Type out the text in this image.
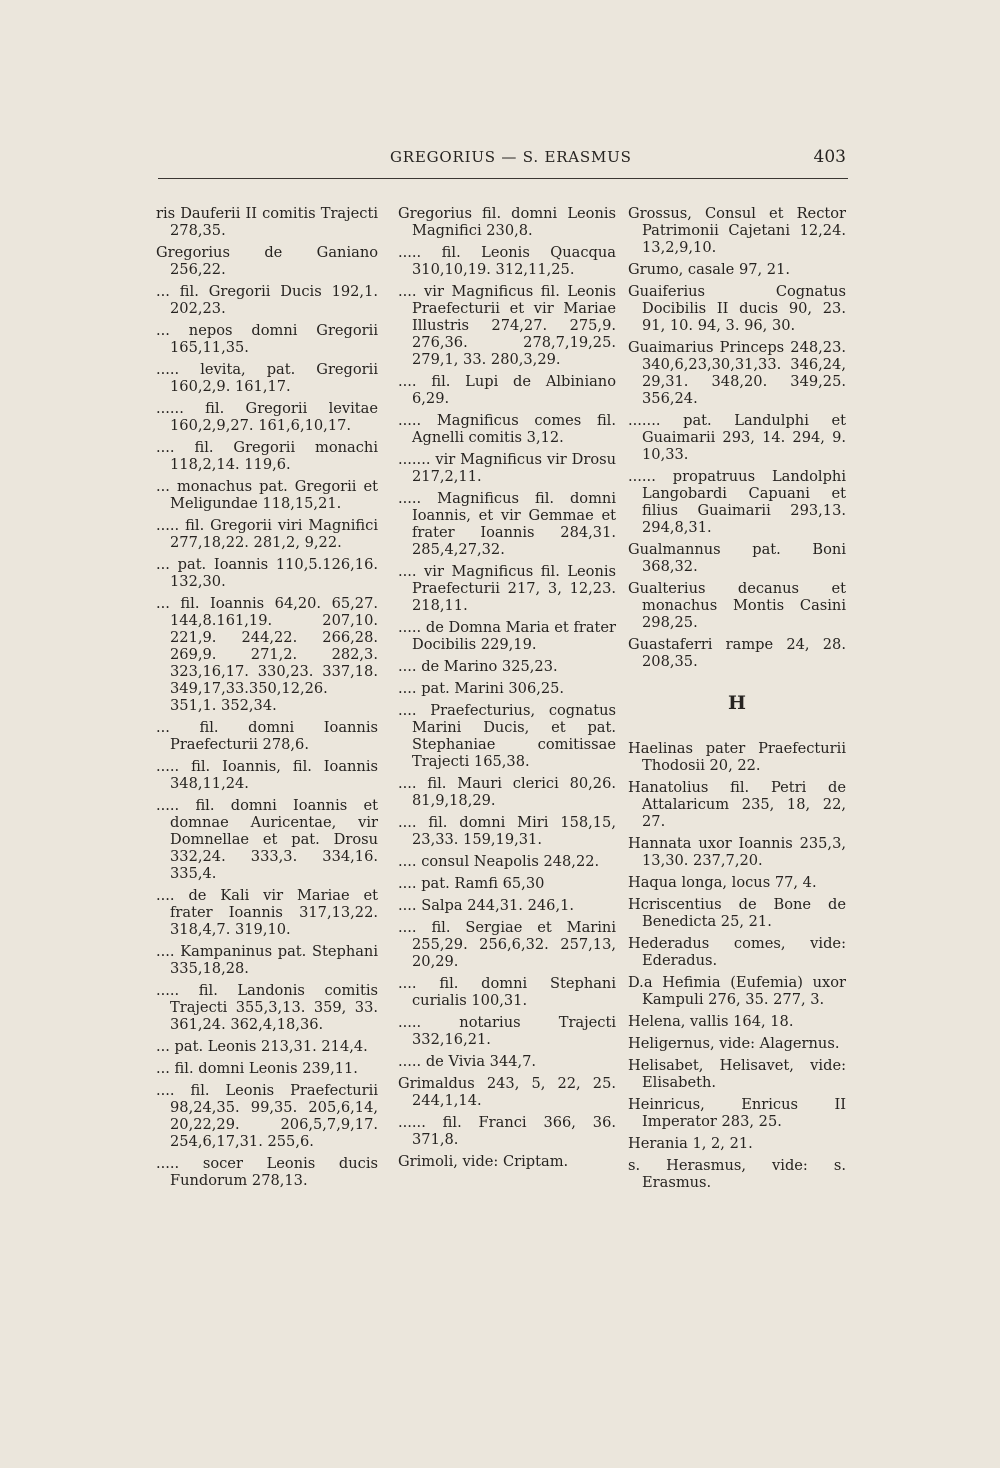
GREGORIUS — S. ERASMUS	403
ris Dauferii II comitis Trajecti 278,35.
Gregorius de Ganiano 256,22.
... fil. Gregorii Ducis 192,1. 202,23.
... nepos domni Gregorii 165,11,35.
..... levita, pat. Gregorii 160,2,9. 161,17.
...... fil. Gregorii levitae 160,2,9,27. 161,6,10,17.
.... fil. Gregorii monachi 118,2,14. 119,6.
... monachus pat. Gregorii et Meligundae 118,15,21.
..... fil. Gregorii viri Magnifici 277,18,22. 281,2, 9,22.
... pat. Ioannis 110,5.126,16. 132,30.
... fil. Ioannis 64,20. 65,27. 144,8.161,19. 207,10. 221,9. 244,22. 266,28. 269,9. 271,2. 282,3. 323,16,17. 330,23. 337,18. 349,17,33.350,12,26. 351,1. 352,34.
... fil. domni Ioannis Praefecturii 278,6.
..... fil. Ioannis, fil. Ioannis 348,11,24.
..... fil. domni Ioannis et domnae Auricentae, vir Domnellae et pat. Drosu 332,24. 333,3. 334,16. 335,4.
.... de Kali vir Mariae et frater Ioannis 317,13,22. 318,4,7. 319,10.
.... Kampaninus pat. Stephani 335,18,28.
..... fil. Landonis comitis Trajecti 355,3,13. 359, 33. 361,24. 362,4,18,36.
... pat. Leonis 213,31. 214,4.
... fil. domni Leonis 239,11.
.... fil. Leonis Praefecturii 98,24,35. 99,35. 205,6,14, 20,22,29. 206,5,7,9,17. 254,6,17,31. 255,6.
..... socer Leonis ducis Fundorum 278,13.
Gregorius fil. domni Leonis Magnifici 230,8.
..... fil. Leonis Quacqua 310,10,19. 312,11,25.
.... vir Magnificus fil. Leonis Praefecturii et vir Mariae Illustris 274,27. 275,9. 276,36. 278,7,19,25. 279,1, 33. 280,3,29.
.... fil. Lupi de Albiniano 6,29.
..... Magnificus comes fil. Agnelli comitis 3,12.
....... vir Magnificus vir Drosu 217,2,11.
..... Magnificus fil. domni Ioannis, et vir Gemmae et frater Ioannis 284,31. 285,4,27,32.
.... vir Magnificus fil. Leonis Praefecturii 217, 3, 12,23. 218,11.
..... de Domna Maria et frater Docibilis 229,19.
.... de Marino 325,23.
.... pat. Marini 306,25.
.... Praefecturius, cognatus Marini Ducis, et pat. Stephaniae comitissae Trajecti 165,38.
.... fil. Mauri clerici 80,26. 81,9,18,29.
.... fil. domni Miri 158,15, 23,33. 159,19,31.
.... consul Neapolis 248,22.
.... pat. Ramfi 65,30
.... Salpa 244,31. 246,1.
.... fil. Sergiae et Marini 255,29. 256,6,32. 257,13, 20,29.
.... fil. domni Stephani curialis 100,31.
..... notarius Trajecti 332,16,21.
..... de Vivia 344,7.
Grimaldus 243, 5, 22, 25. 244,1,14.
...... fil. Franci 366, 36. 371,8.
Grimoli, vide: Criptam.
Grossus, Consul et Rector Patrimonii Cajetani 12,24. 13,2,9,10.
Grumo, casale 97, 21.
Guaiferius Cognatus Docibilis II ducis 90, 23. 91, 10. 94, 3. 96, 30.
Guaimarius Princeps 248,23. 340,6,23,30,31,33. 346,24, 29,31. 348,20. 349,25. 356,24.
....... pat. Landulphi et Guaimarii 293, 14. 294, 9. 10,33.
...... propatruus Landolphi Langobardi Capuani et filius Guaimarii 293,13. 294,8,31.
Gualmannus pat. Boni 368,32.
Gualterius decanus et monachus Montis Casini 298,25.
Guastaferri rampe 24, 28. 208,35.
H
Haelinas pater Praefecturii Thodosii 20, 22.
Hanatolius fil. Petri de Attalaricum 235, 18, 22, 27.
Hannata uxor Ioannis 235,3, 13,30. 237,7,20.
Haqua longa, locus 77, 4.
Hcriscentius de Bone de Benedicta 25, 21.
Hederadus comes, vide: Ederadus.
D.a Hefimia (Eufemia) uxor Kampuli 276, 35. 277, 3.
Helena, vallis 164, 18.
Heligernus, vide: Alagernus.
Helisabet, Helisavet, vide: Elisabeth.
Heinricus, Enricus II Imperator 283, 25.
Herania 1, 2, 21.
s. Herasmus, vide: s. Erasmus.
